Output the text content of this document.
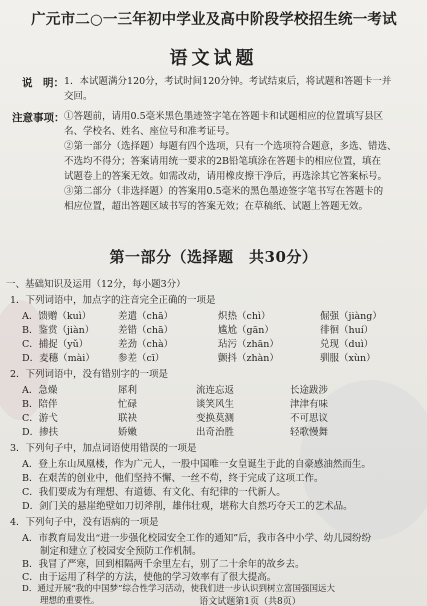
广元市二○一三年初中学业及高中阶段学校招生统一考试
语文试题
说　明： 1．本试题满分120分，考试时间120分钟。考试结束后，将试题和答题卡一并
交回。
注意事项： ①答题前，请用0.5毫米黑色墨迹签字笔在答题卡和试题相应的位置填写县区
名、学校名、姓名、座位号和准考证号。
②第一部分（选择题）每题有四个选项，只有一个选项符合题意，多选、错选、
不选均不得分；答案请用统一要求的2B铅笔填涂在答题卡的相应位置，填在
试题卷上的答案无效。如需改动，请用橡皮擦干净后，再选涂其它答案标号。
③第二部分（非选择题）的答案用0.5毫米的黑色墨迹签字笔书写在答题卡的
相应位置，超出答题区域书写的答案无效；在草稿纸、试题上答题无效。
第一部分（选择题　共30分）
一、基础知识及运用（12分，每小题3分）
1．下列词语中，加点字的注音完全正确的一项是
A．馈赠（kuì）	差遣（chā）	炽热（chì）	倔强（jiàng）
B．鉴赏（jiàn）	差错（chā）	尴尬（gān）	徘徊（huí）
C．捕捉（yǔ）	差劲（chà）	玷污（zhān）	兑现（duì）
D．麦穗（mài） 参差（cī）	颤抖（zhàn）	驯服（xùn）
2．下列词语中，没有错别字的一项是
A．急燥	犀利	流连忘返	长途跋涉
B．陪伴	忙碌	谈笑风生	津津有味
C．游弋	联袂	变换莫测	不可思议
D．掺扶	娇嫩	出奇治胜	轻歌慢舞
3．下列句子中，加点词语使用错误的一项是
A．登上东山凤凰楼，作为广元人，一股中国唯一女皇诞生于此的自豪感油然而生。
B．在艰苦的创业中，他们坚持不懈、一丝不苟，终于完成了这项工作。
C．我们要成为有理想、有道德、有文化、有纪律的一代新人。
D．剑门关的悬崖绝壁如刀切斧削，雄伟壮观，堪称大自然巧夺天工的艺术品。
4．下列句子中，没有语病的一项是
A．市教育局发出“进一步强化校园安全工作的通知”后，我市各中小学、幼儿园纷纷
制定和建立了校园安全预防工作机制。
B．我冒了严寒，回到相隔两千余里左右，别了二十余年的故乡去。
C．由于运用了科学的方法，使他的学习效率有了很大提高。
D．通过开展“我的中国梦”综合性学习活动，使我们进一步认识到树立富国强国远大
理想的重要性。	语文试题第1页（共8页）
